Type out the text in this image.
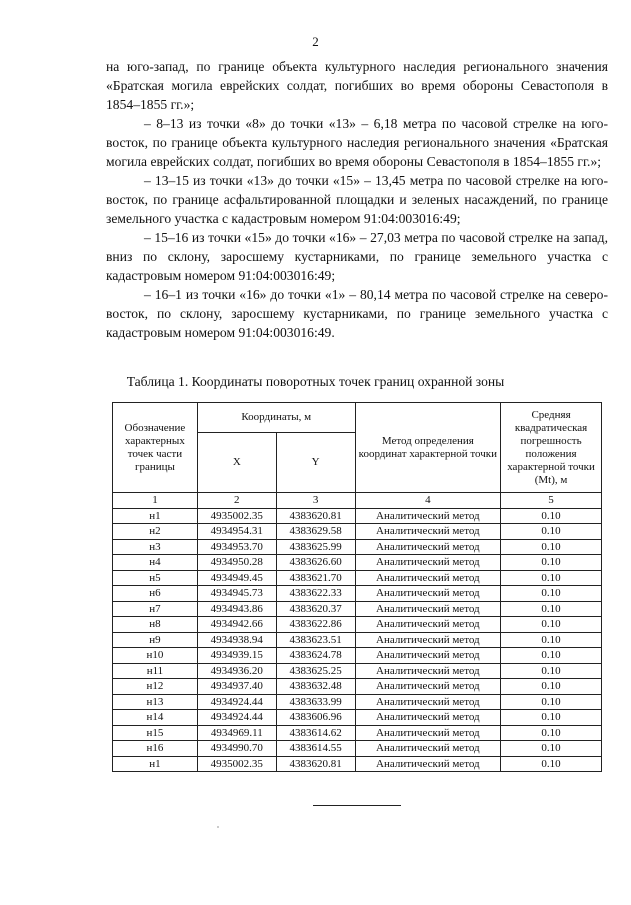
2

на юго-запад, по границе объекта культурного наследия регионального значения «Братская могила еврейских солдат, погибших во время обороны Севастополя в 1854–1855 гг.»;

– 8–13 из точки «8» до точки «13» – 6,18 метра по часовой стрелке на юго-восток, по границе объекта культурного наследия регионального значения «Братская могила еврейских солдат, погибших во время обороны Севастополя в 1854–1855 гг.»;

– 13–15 из точки «13» до точки «15» – 13,45 метра по часовой стрелке на юго-восток, по границе асфальтированной площадки и зеленых насаждений, по границе земельного участка с кадастровым номером 91:04:003016:49;

– 15–16 из точки «15» до точки «16» – 27,03 метра по часовой стрелке на запад, вниз по склону, заросшему кустарниками, по границе земельного участка с кадастровым номером 91:04:003016:49;

– 16–1 из точки «16» до точки «1» – 80,14 метра по часовой стрелке на северо-восток, по склону, заросшему кустарниками, по границе земельного участка с кадастровым номером 91:04:003016:49.

Таблица 1. Координаты поворотных точек границ охранной зоны
Обозначение характерных точек части границы	Координаты, м		Метод определения координат характерной точки	Средняя квадратическая погрешность положения характерной точки (Mt), м
	X	Y		
1	2	3	4	5
н1	4935002.35	4383620.81	Аналитический метод	0.10
н2	4934954.31	4383629.58	Аналитический метод	0.10
н3	4934953.70	4383625.99	Аналитический метод	0.10
н4	4934950.28	4383626.60	Аналитический метод	0.10
н5	4934949.45	4383621.70	Аналитический метод	0.10
н6	4934945.73	4383622.33	Аналитический метод	0.10
н7	4934943.86	4383620.37	Аналитический метод	0.10
н8	4934942.66	4383622.86	Аналитический метод	0.10
н9	4934938.94	4383623.51	Аналитический метод	0.10
н10	4934939.15	4383624.78	Аналитический метод	0.10
н11	4934936.20	4383625.25	Аналитический метод	0.10
н12	4934937.40	4383632.48	Аналитический метод	0.10
н13	4934924.44	4383633.99	Аналитический метод	0.10
н14	4934924.44	4383606.96	Аналитический метод	0.10
н15	4934969.11	4383614.62	Аналитический метод	0.10
н16	4934990.70	4383614.55	Аналитический метод	0.10
н1	4935002.35	4383620.81	Аналитический метод	0.10
